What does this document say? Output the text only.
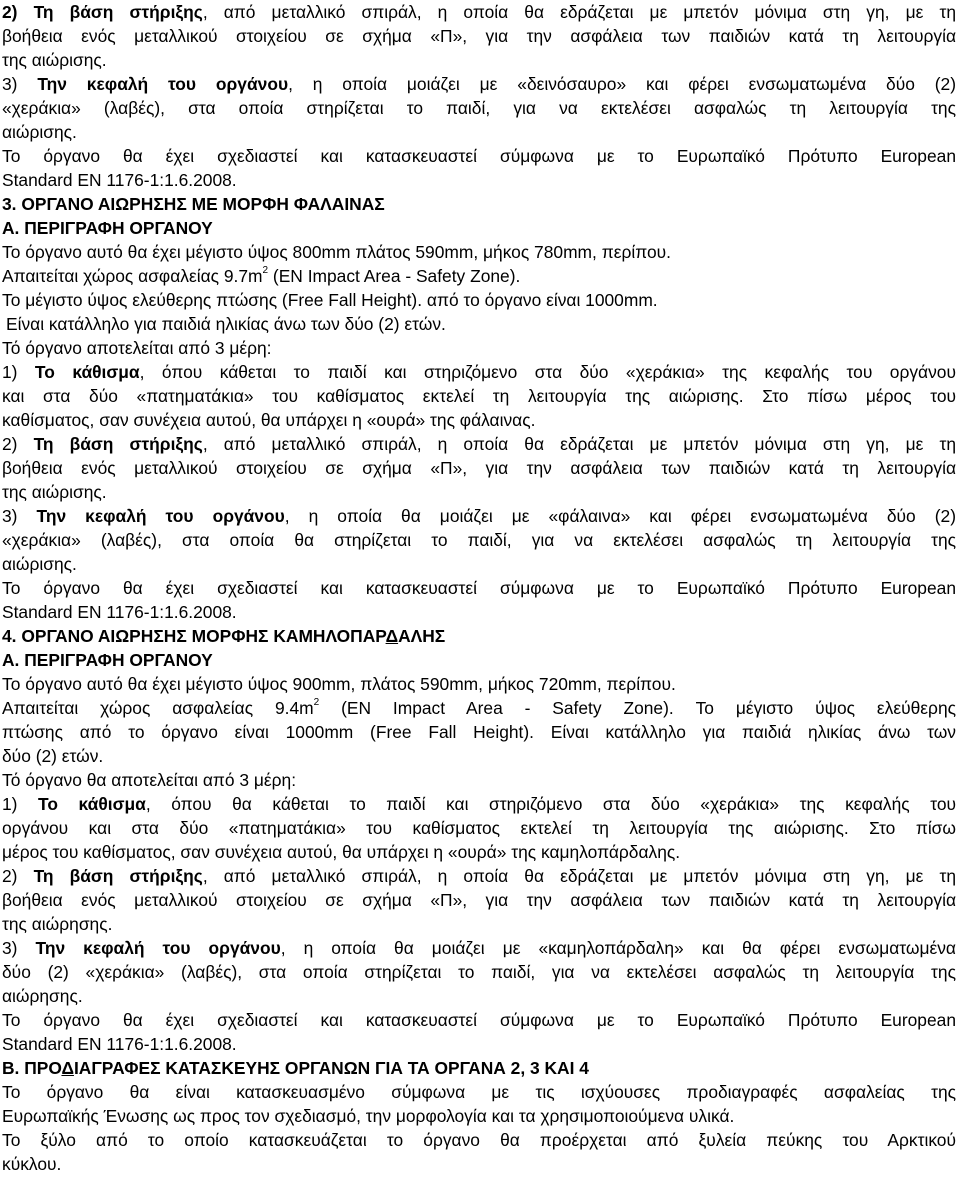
2) Τη βάση στήριξης, από μεταλλικό σπιράλ, η οποία θα εδράζεται με μπετόν μόνιμα στη γη, με τη
βοήθεια ενός μεταλλικού στοιχείου σε σχήμα «Π», για την ασφάλεια των παιδιών κατά τη λειτουργία
της αιώρισης.
3) Την κεφαλή του οργάνου, η οποία μοιάζει με «δεινόσαυρο» και φέρει ενσωματωμένα δύο (2)
«χεράκια» (λαβές), στα οποία στηρίζεται το παιδί, για να εκτελέσει ασφαλώς τη λειτουργία της
αιώρισης.
Το όργανο θα έχει σχεδιαστεί και κατασκευαστεί σύμφωνα με το Ευρωπαϊκό Πρότυπο European
Standard EN 1176-1:1.6.2008.
3. ΟΡΓΑΝΟ ΑΙΩΡΗΣΗΣ ΜΕ ΜΟΡΦΗ ΦΑΛΑΙΝΑΣ
Α. ΠΕΡΙΓΡΑΦΗ ΟΡΓΑΝΟΥ
Το όργανο αυτό θα έχει μέγιστο ύψος 800mm πλάτος 590mm, μήκος 780mm, περίπου.
Απαιτείται χώρος ασφαλείας $9.7m^2$ (EN Impact Area - Safety Zone).
Το μέγιστο ύψος ελεύθερης πτώσης (Free Fall Height). από το όργανο είναι 1000mm.
Είναι κατάλληλο για παιδιά ηλικίας άνω των δύο (2) ετών.
Τό όργανο αποτελείται από 3 μέρη:
1) Το κάθισμα, όπου κάθεται το παιδί και στηριζόμενο στα δύο «χεράκια» της κεφαλής του οργάνου
και στα δύο «πατηματάκια» του καθίσματος εκτελεί τη λειτουργία της αιώρισης. Στο πίσω μέρος του
καθίσματος, σαν συνέχεια αυτού, θα υπάρχει η «ουρά» της φάλαινας.
2) Τη βάση στήριξης, από μεταλλικό σπιράλ, η οποία θα εδράζεται με μπετόν μόνιμα στη γη, με τη
βοήθεια ενός μεταλλικού στοιχείου σε σχήμα «Π», για την ασφάλεια των παιδιών κατά τη λειτουργία
της αιώρισης.
3) Την κεφαλή του οργάνου, η οποία θα μοιάζει με «φάλαινα» και φέρει ενσωματωμένα δύο (2)
«χεράκια» (λαβές), στα οποία θα στηρίζεται το παιδί, για να εκτελέσει ασφαλώς τη λειτουργία της
αιώρισης.
Το όργανο θα έχει σχεδιαστεί και κατασκευαστεί σύμφωνα με το Ευρωπαϊκό Πρότυπο European
Standard EN 1176-1:1.6.2008.
4. ΟΡΓΑΝΟ ΑΙΩΡΗΣΗΣ ΜΟΡΦΗΣ ΚΑΜΗΛΟΠΑΡΔΑΛΗΣ
Α. ΠΕΡΙΓΡΑΦΗ ΟΡΓΑΝΟΥ
Το όργανο αυτό θα έχει μέγιστο ύψος 900mm, πλάτος 590mm, μήκος 720mm, περίπου.
Απαιτείται χώρος ασφαλείας $9.4m^2$ (EN Impact Area - Safety Zone). Το μέγιστο ύψος ελεύθερης
πτώσης από το όργανο είναι 1000mm (Free Fall Height). Είναι κατάλληλο για παιδιά ηλικίας άνω των
δύο (2) ετών.
Τό όργανο θα αποτελείται από 3 μέρη:
1) Το κάθισμα, όπου θα κάθεται το παιδί και στηριζόμενο στα δύο «χεράκια» της κεφαλής του
οργάνου και στα δύο «πατηματάκια» του καθίσματος εκτελεί τη λειτουργία της αιώρισης. Στο πίσω
μέρος του καθίσματος, σαν συνέχεια αυτού, θα υπάρχει η «ουρά» της καμηλοπάρδαλης.
2) Τη βάση στήριξης, από μεταλλικό σπιράλ, η οποία θα εδράζεται με μπετόν μόνιμα στη γη, με τη
βοήθεια ενός μεταλλικού στοιχείου σε σχήμα «Π», για την ασφάλεια των παιδιών κατά τη λειτουργία
της αιώρησης.
3) Την κεφαλή του οργάνου, η οποία θα μοιάζει με «καμηλοπάρδαλη» και θα φέρει ενσωματωμένα
δύο (2) «χεράκια» (λαβές), στα οποία στηρίζεται το παιδί, για να εκτελέσει ασφαλώς τη λειτουργία της
αιώρησης.
Το όργανο θα έχει σχεδιαστεί και κατασκευαστεί σύμφωνα με το Ευρωπαϊκό Πρότυπο European
Standard EN 1176-1:1.6.2008.
Β. ΠΡΟΔΙΑΓΡΑΦΕΣ ΚΑΤΑΣΚΕΥΗΣ ΟΡΓΑΝΩΝ ΓΙΑ ΤΑ ΟΡΓΑΝΑ 2, 3 ΚΑΙ 4
Το όργανο θα είναι κατασκευασμένο σύμφωνα με τις ισχύουσες προδιαγραφές ασφαλείας της
Ευρωπαϊκής Ένωσης ως προς τον σχεδιασμό, την μορφολογία και τα χρησιμοποιούμενα υλικά.
Το ξύλο από το οποίο κατασκευάζεται το όργανο θα προέρχεται από ξυλεία πεύκης του Αρκτικού
κύκλου.
